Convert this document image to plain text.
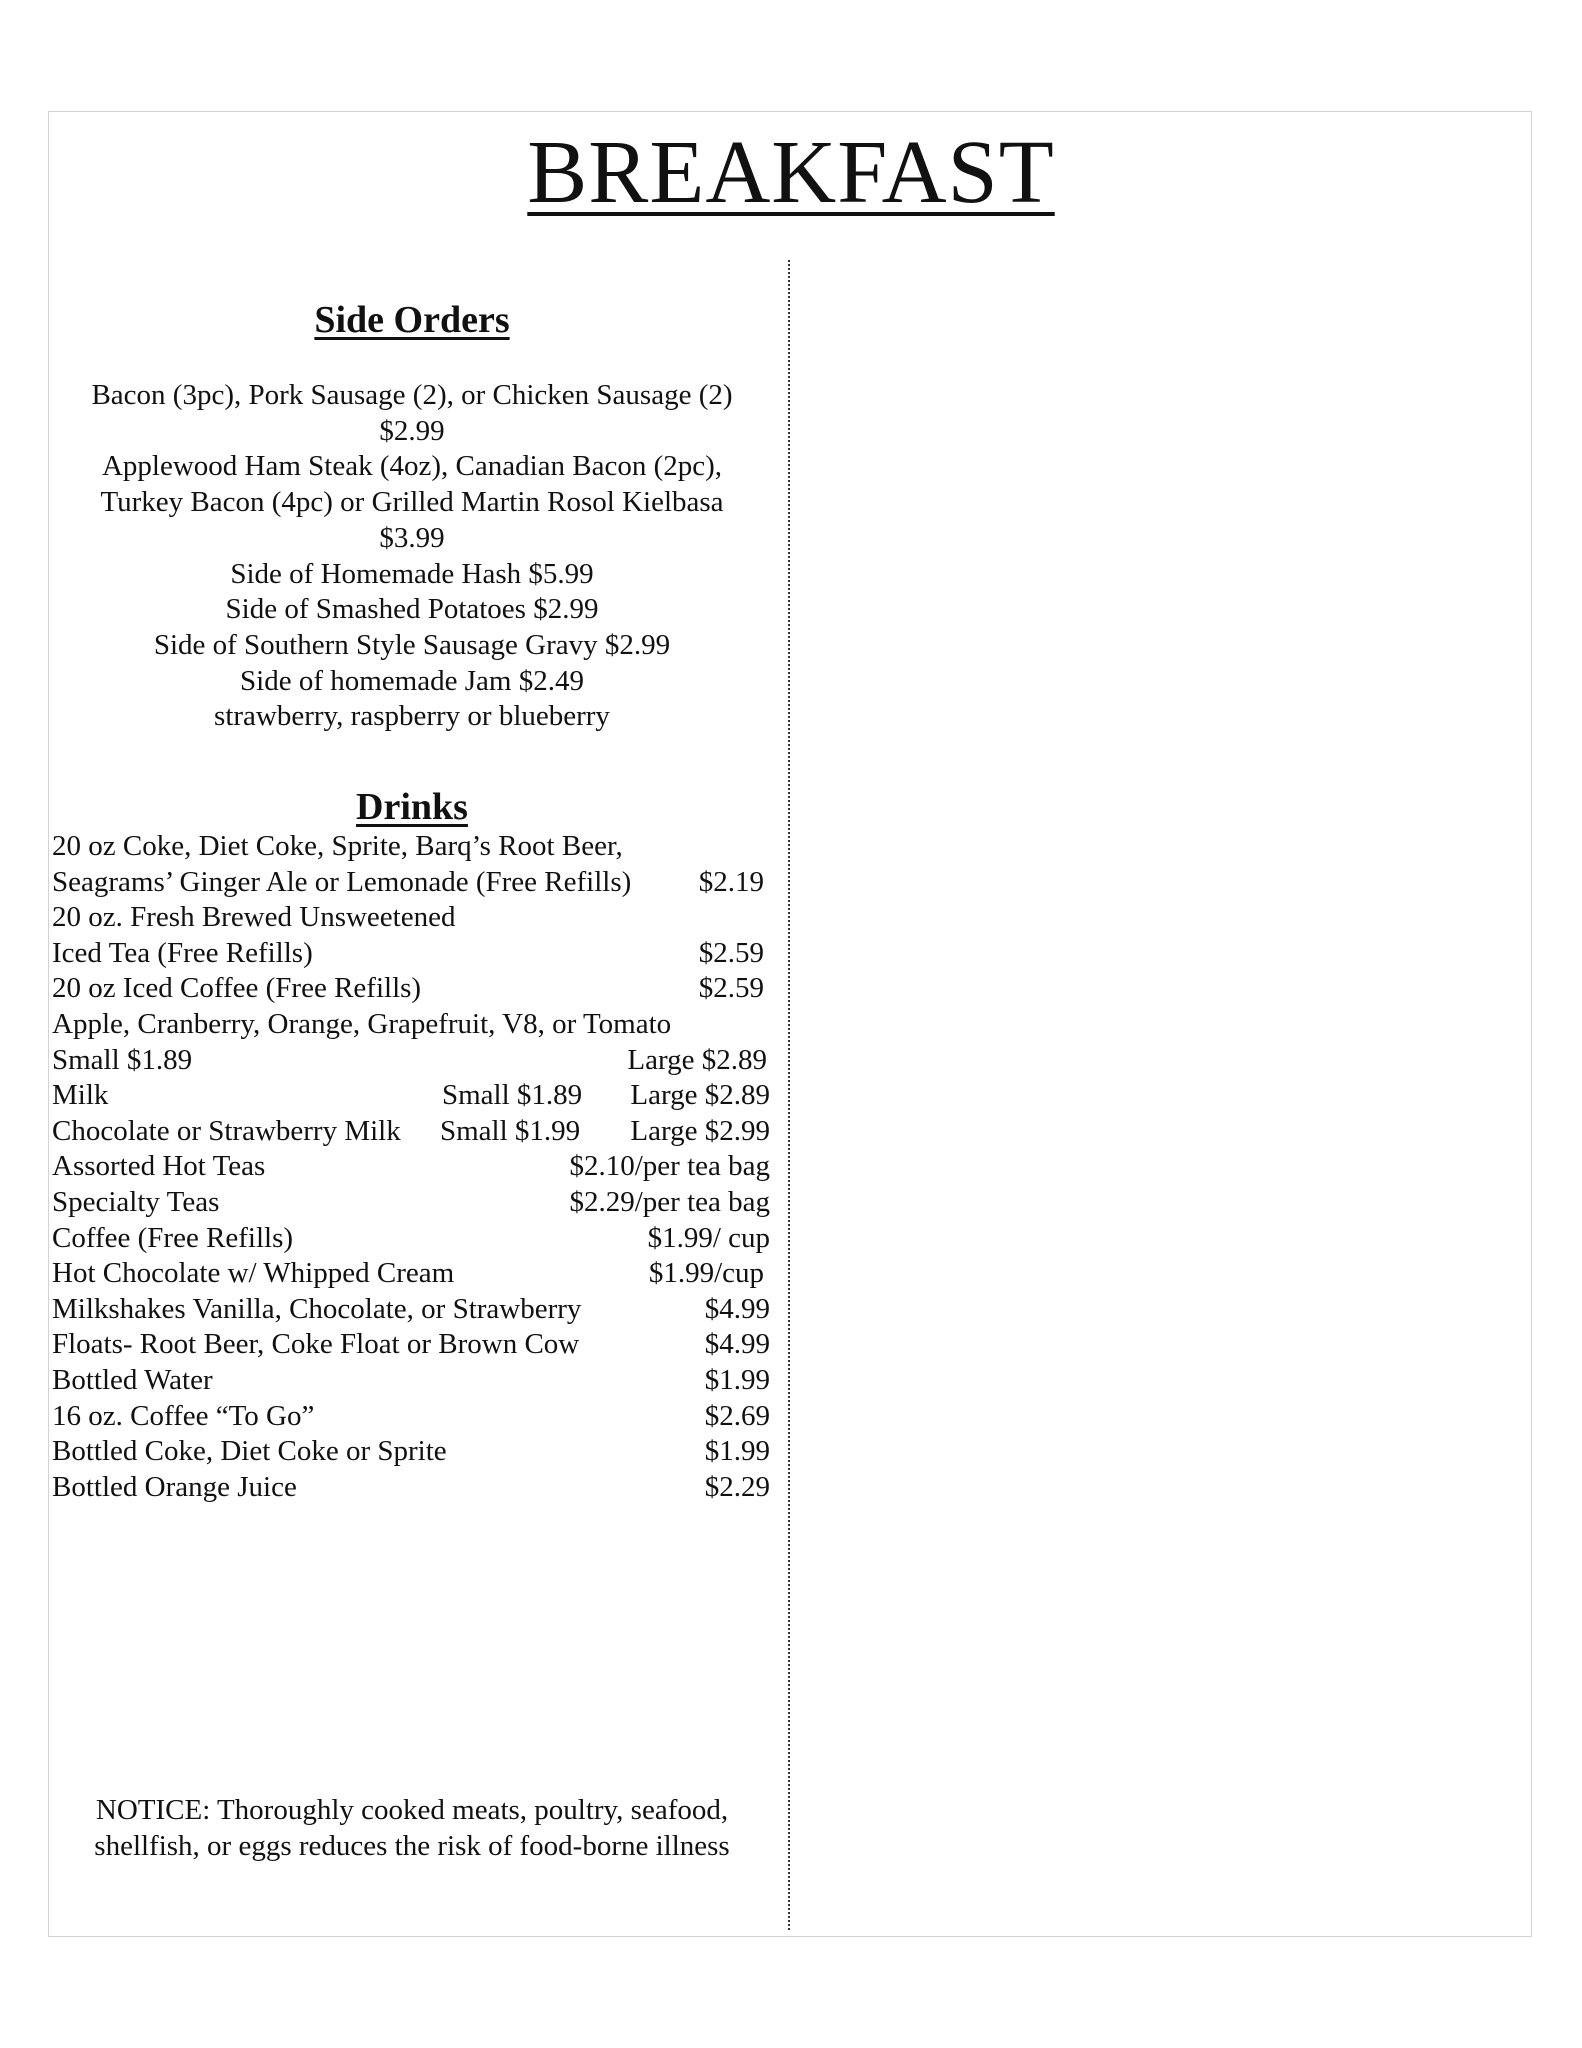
BREAKFAST
Side Orders
Bacon (3pc), Pork Sausage (2), or Chicken Sausage (2)
$2.99
Applewood Ham Steak (4oz), Canadian Bacon (2pc),
Turkey Bacon (4pc) or Grilled Martin Rosol Kielbasa
$3.99
Side of Homemade Hash $5.99
Side of Smashed Potatoes $2.99
Side of Southern Style Sausage Gravy $2.99
Side of homemade Jam $2.49
strawberry, raspberry or blueberry
Drinks
20 oz Coke, Diet Coke, Sprite, Barq’s Root Beer,
Seagrams’ Ginger Ale or Lemonade (Free Refills) $2.19
20 oz. Fresh Brewed Unsweetened
Iced Tea (Free Refills)	$2.59
20 oz Iced Coffee (Free Refills)	$2.59
Apple, Cranberry, Orange, Grapefruit, V8, or Tomato
Small $1.89	Large $2.89
Milk	Small $1.89 Large $2.89
Chocolate or Strawberry Milk Small $1.99 Large $2.99
Assorted Hot Teas	$2.10/per tea bag
Specialty Teas	$2.29/per tea bag
Coffee (Free Refills)	$1.99/ cup
Hot Chocolate w/ Whipped Cream	$1.99/cup
Milkshakes Vanilla, Chocolate, or Strawberry	$4.99
Floats- Root Beer, Coke Float or Brown Cow	$4.99
Bottled Water	$1.99
16 oz. Coffee “To Go”	$2.69
Bottled Coke, Diet Coke or Sprite	$1.99
Bottled Orange Juice	$2.29
NOTICE: Thoroughly cooked meats, poultry, seafood,
shellfish, or eggs reduces the risk of food-borne illness
